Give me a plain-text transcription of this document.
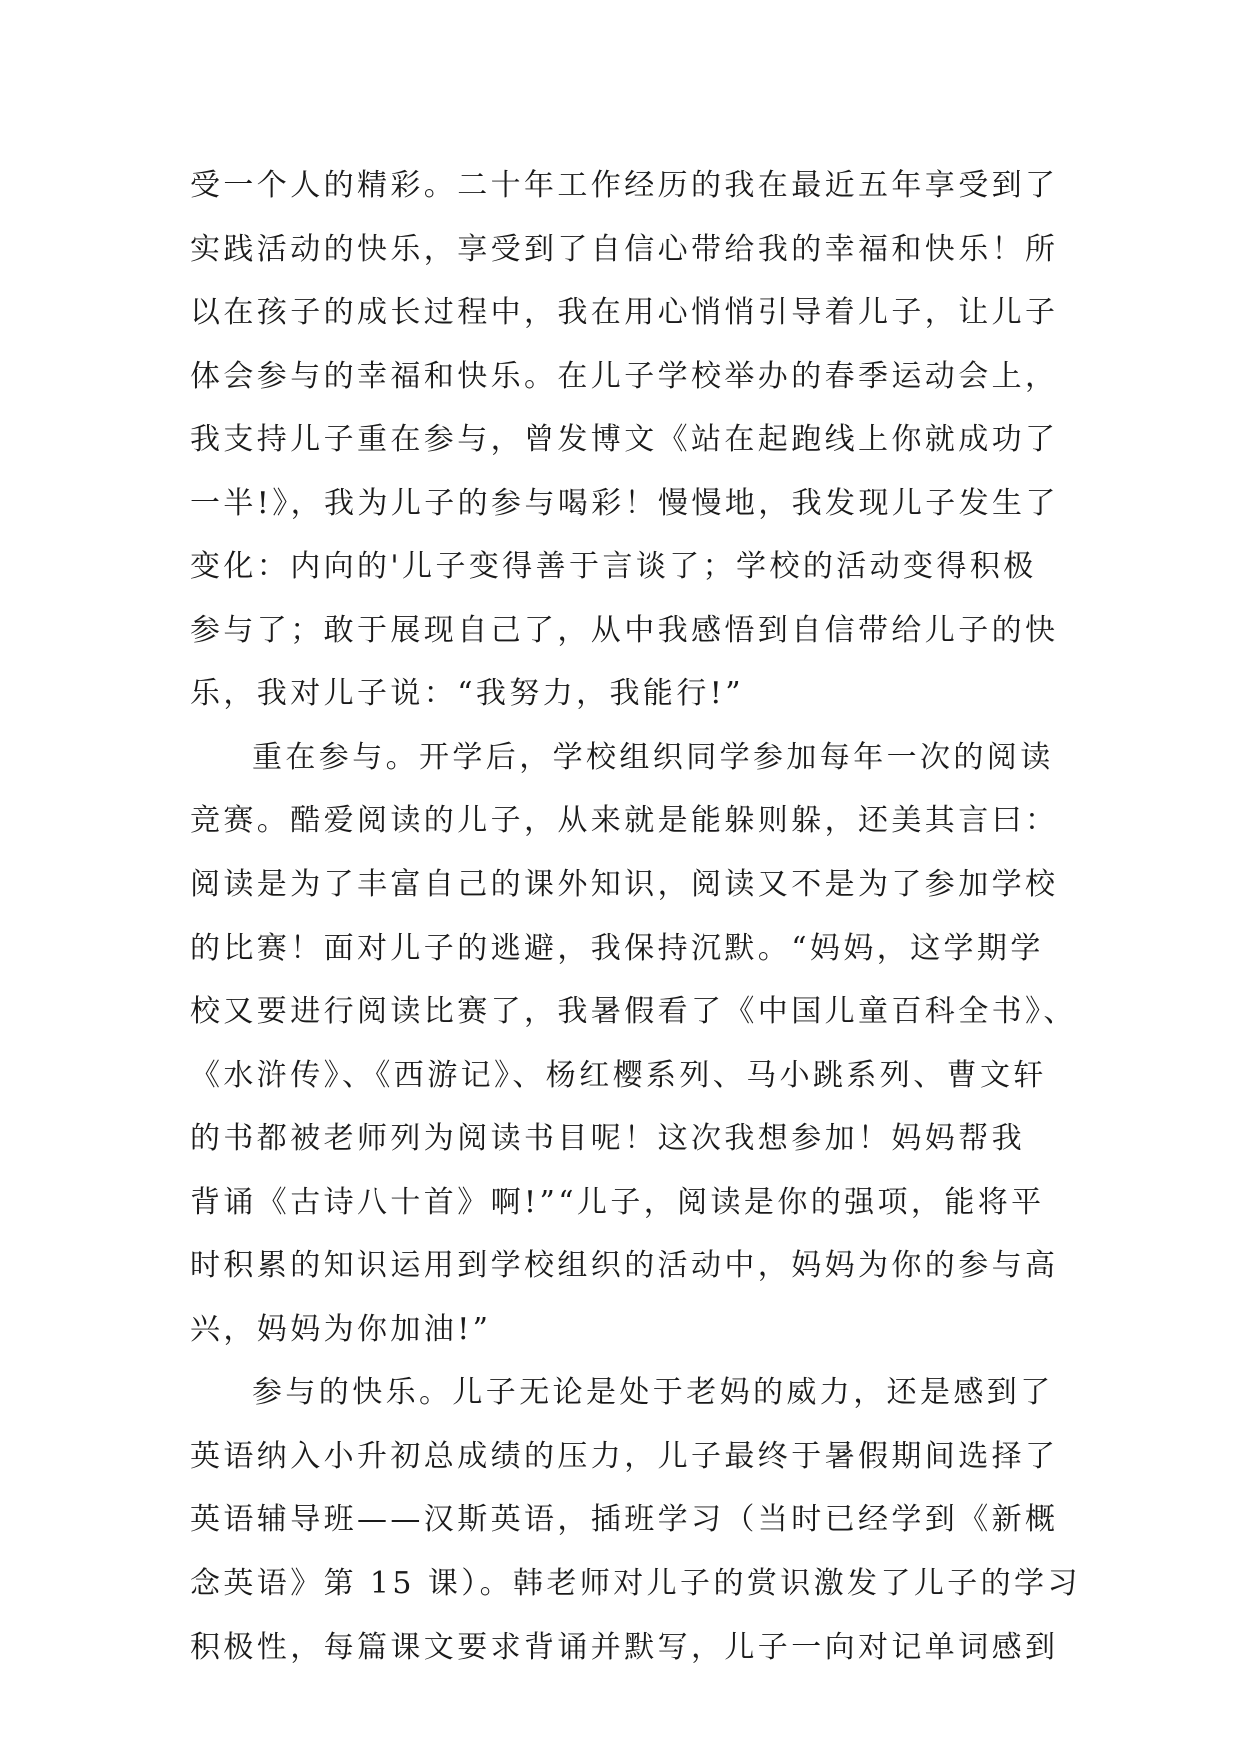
受一个人的精彩。二十年工作经历的我在最近五年享受到了
实践活动的快乐，享受到了自信心带给我的幸福和快乐！所
以在孩子的成长过程中，我在用心悄悄引导着儿子，让儿子
体会参与的幸福和快乐。在儿子学校举办的春季运动会上，
我支持儿子重在参与，曾发博文《站在起跑线上你就成功了
一半!》，我为儿子的参与喝彩！慢慢地，我发现儿子发生了
变化：内向的'儿子变得善于言谈了；学校的活动变得积极
参与了；敢于展现自己了，从中我感悟到自信带给儿子的快
乐，我对儿子说：“我努力，我能行!”
重在参与。开学后，学校组织同学参加每年一次的阅读
竞赛。酷爱阅读的儿子，从来就是能躲则躲，还美其言曰：
阅读是为了丰富自己的课外知识，阅读又不是为了参加学校
的比赛！面对儿子的逃避，我保持沉默。“妈妈，这学期学
校又要进行阅读比赛了，我暑假看了《中国儿童百科全书》、
《水浒传》、《西游记》、杨红樱系列、马小跳系列、曹文轩
的书都被老师列为阅读书目呢！这次我想参加！妈妈帮我
背诵《古诗八十首》啊!”“儿子，阅读是你的强项，能将平
时积累的知识运用到学校组织的活动中，妈妈为你的参与高
兴，妈妈为你加油!”
参与的快乐。儿子无论是处于老妈的威力，还是感到了
英语纳入小升初总成绩的压力，儿子最终于暑假期间选择了
英语辅导班——汉斯英语，插班学习（当时已经学到《新概
念英语》第 15 课）。韩老师对儿子的赏识激发了儿子的学习
积极性，每篇课文要求背诵并默写，儿子一向对记单词感到
